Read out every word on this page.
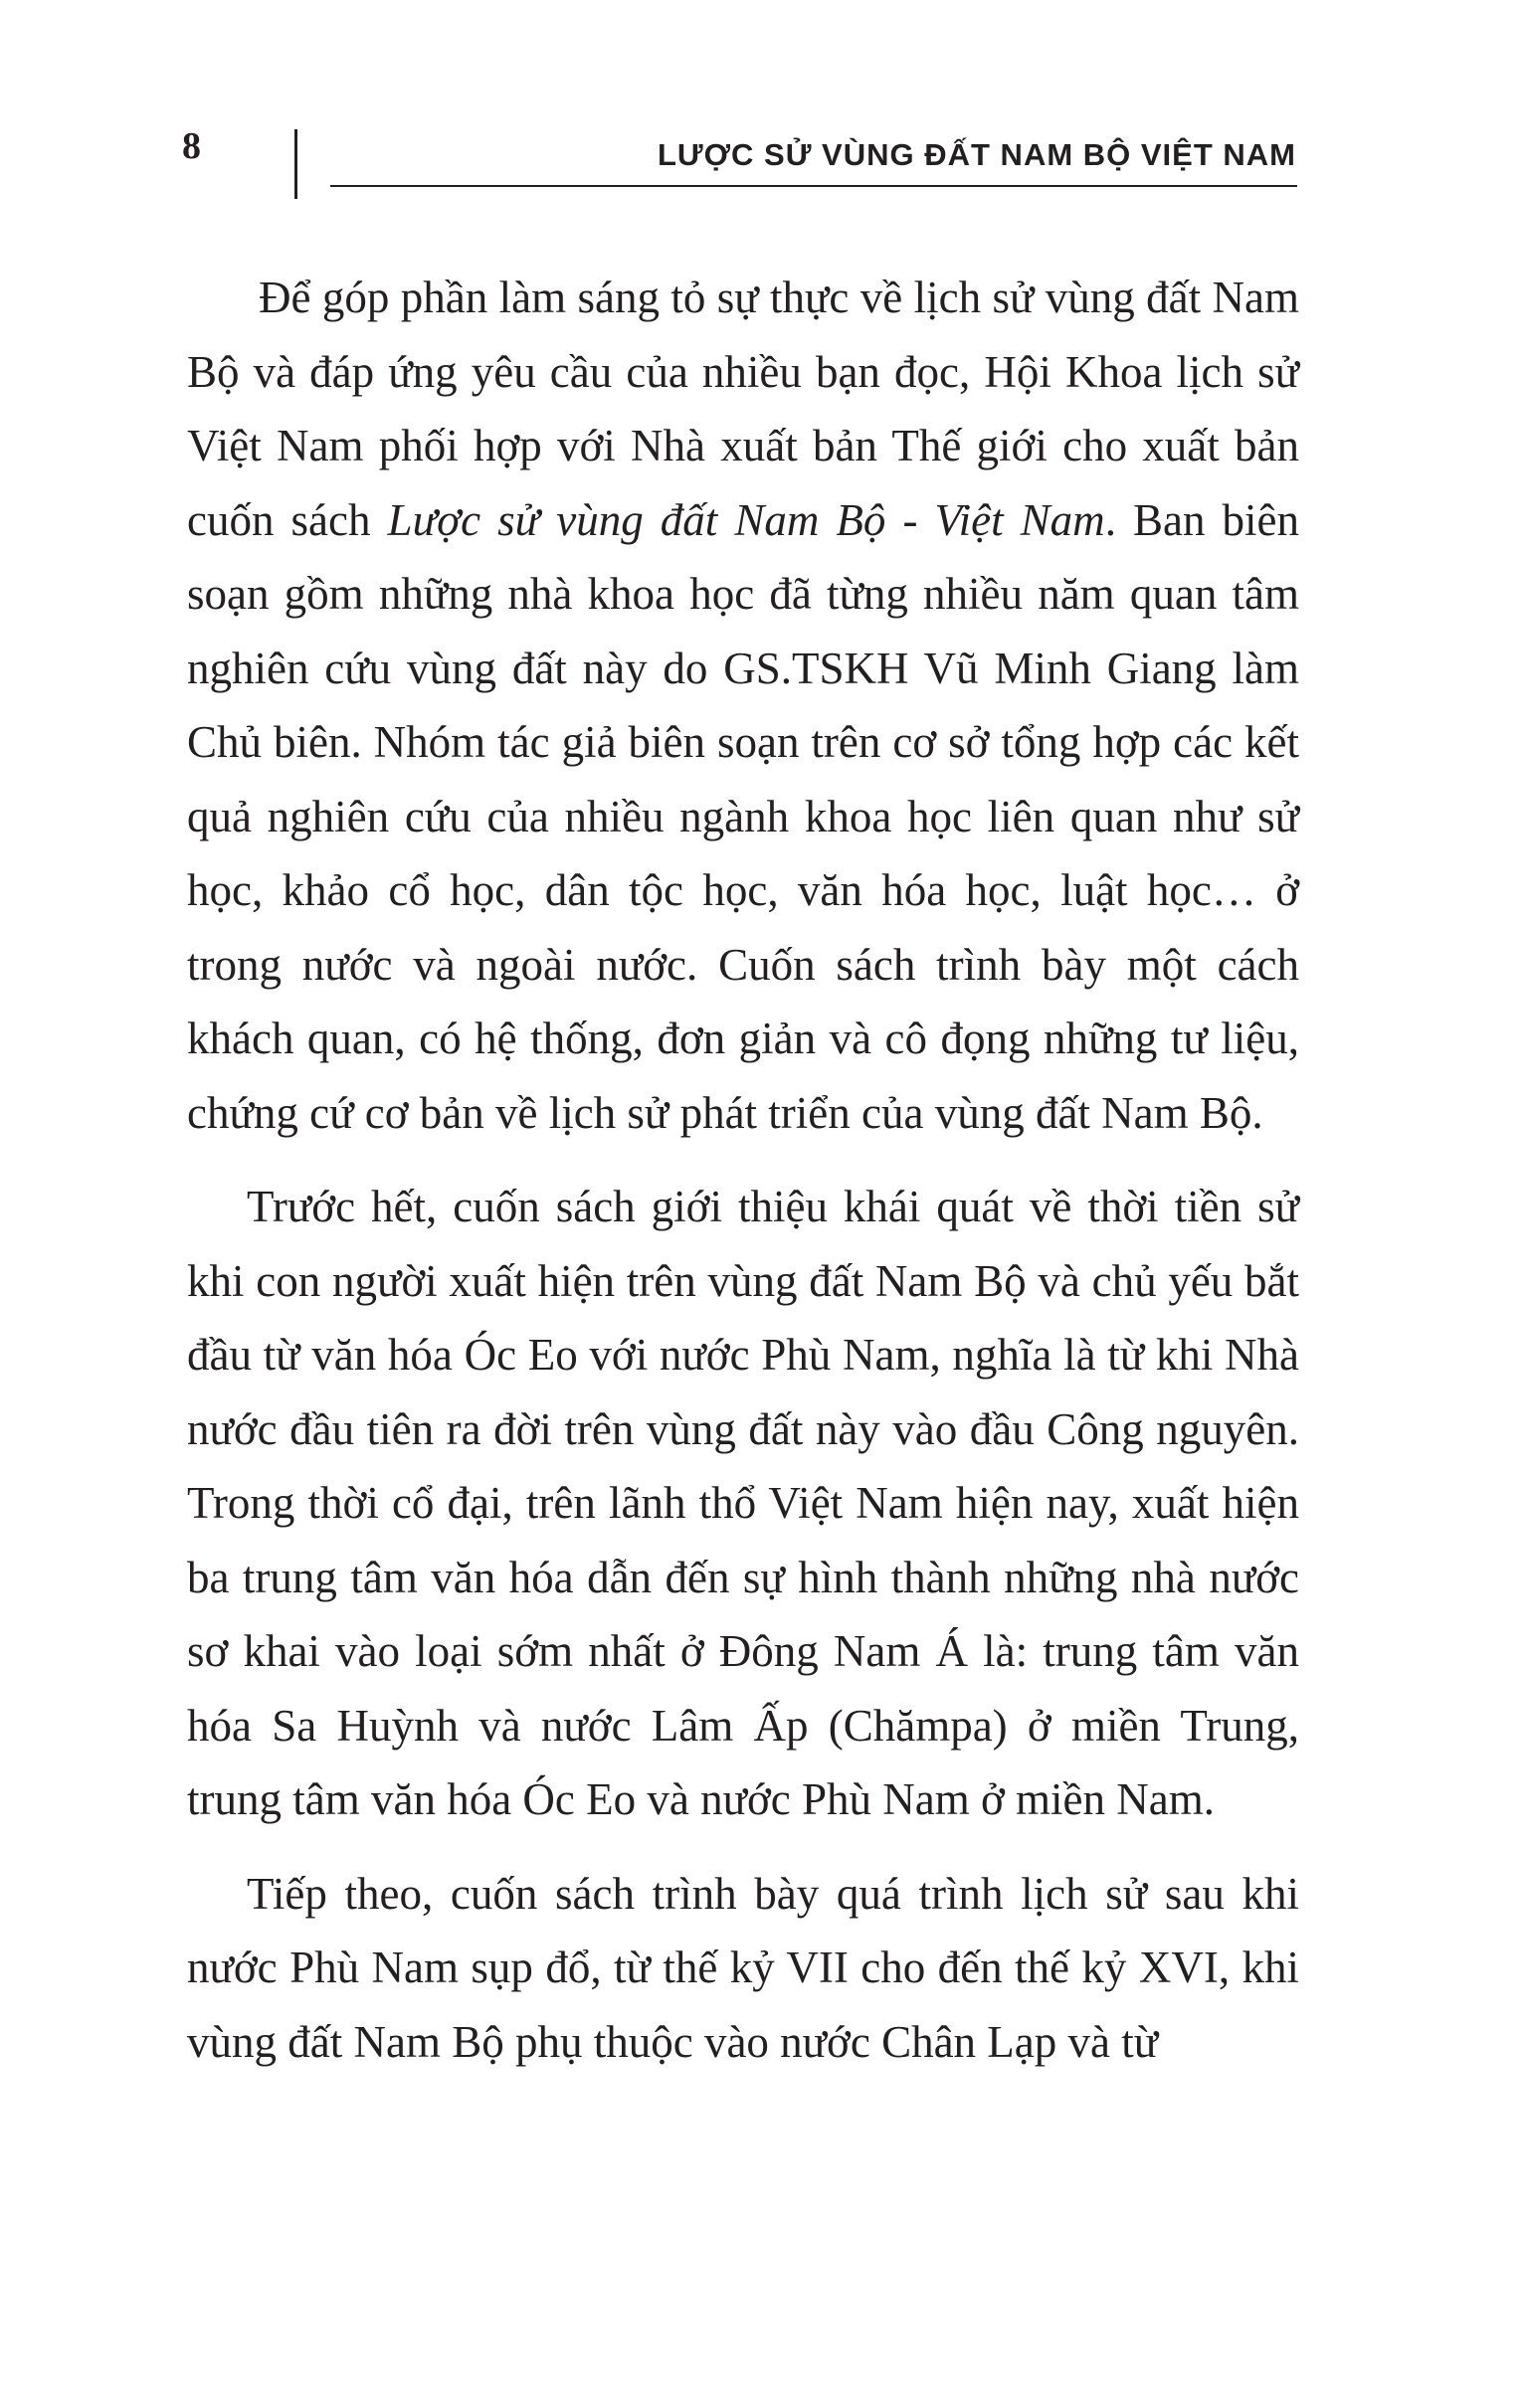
8	LƯỢC SỬ VÙNG ĐẤT NAM BỘ VIỆT NAM

Để góp phần làm sáng tỏ sự thực về lịch sử vùng đất Nam Bộ và đáp ứng yêu cầu của nhiều bạn đọc, Hội Khoa lịch sử Việt Nam phối hợp với Nhà xuất bản Thế giới cho xuất bản cuốn sách Lược sử vùng đất Nam Bộ - Việt Nam. Ban biên soạn gồm những nhà khoa học đã từng nhiều năm quan tâm nghiên cứu vùng đất này do GS.TSKH Vũ Minh Giang làm Chủ biên. Nhóm tác giả biên soạn trên cơ sở tổng hợp các kết quả nghiên cứu của nhiều ngành khoa học liên quan như sử học, khảo cổ học, dân tộc học, văn hóa học, luật học… ở trong nước và ngoài nước. Cuốn sách trình bày một cách khách quan, có hệ thống, đơn giản và cô đọng những tư liệu, chứng cứ cơ bản về lịch sử phát triển của vùng đất Nam Bộ.

Trước hết, cuốn sách giới thiệu khái quát về thời tiền sử khi con người xuất hiện trên vùng đất Nam Bộ và chủ yếu bắt đầu từ văn hóa Óc Eo với nước Phù Nam, nghĩa là từ khi Nhà nước đầu tiên ra đời trên vùng đất này vào đầu Công nguyên. Trong thời cổ đại, trên lãnh thổ Việt Nam hiện nay, xuất hiện ba trung tâm văn hóa dẫn đến sự hình thành những nhà nước sơ khai vào loại sớm nhất ở Đông Nam Á là: trung tâm văn hóa Sa Huỳnh và nước Lâm Ấp (Chămpa) ở miền Trung, trung tâm văn hóa Óc Eo và nước Phù Nam ở miền Nam.

Tiếp theo, cuốn sách trình bày quá trình lịch sử sau khi nước Phù Nam sụp đổ, từ thế kỷ VII cho đến thế kỷ XVI, khi vùng đất Nam Bộ phụ thuộc vào nước Chân Lạp và từ
